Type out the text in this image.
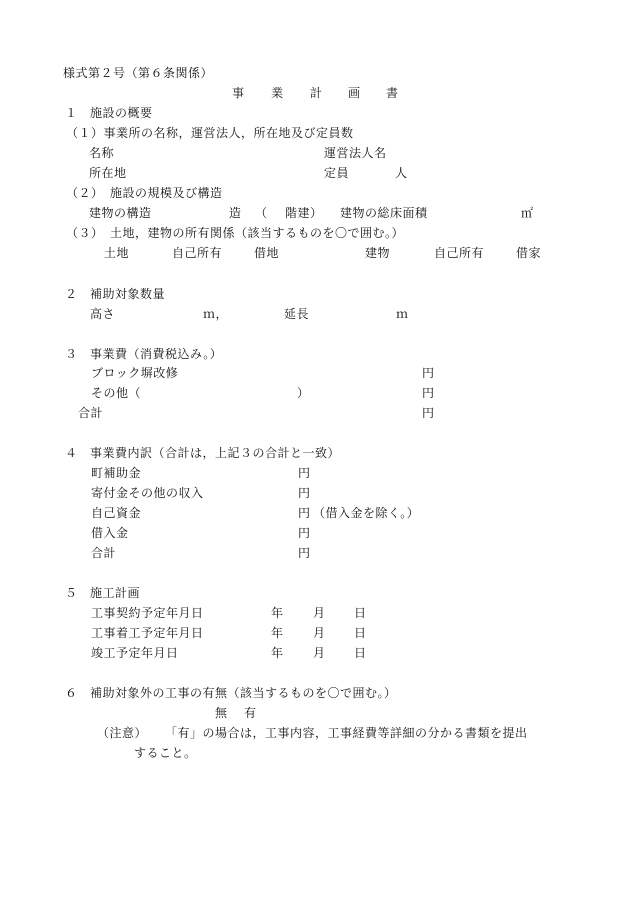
様式第２号（第６条関係）
事 業 計 画 書
１　施設の概要
（１）事業所の名称，運営法人，所在地及び定員数
名称	運営法人名
所在地	定員	人
（２）　施設の規模及び構造
建物の構造	造 （ 階建） 建物の総床面積	㎡
（３）　土地，建物の所有関係（該当するものを〇で囲む。）
土地	自己所有	借地	建物	自己所有	借家
２　補助対象数量
高さ	ｍ，	延長	ｍ
３　事業費（消費税込み。）
ブロック塀改修	円
その他（	）	円
合計	円
４　事業費内訳（合計は，上記３の合計と一致）
町補助金	円
寄付金その他の収入	円
自己資金	円 （借入金を除く。）
借入金	円
合計	円
５　施工計画
工事契約予定年月日	年 月 日
工事着工予定年月日	年 月 日
竣工予定年月日	年 月 日
６　補助対象外の工事の有無（該当するものを〇で囲む。）
無 有
（注意） 「有」の場合は，工事内容，工事経費等詳細の分かる書類を提出
すること。
